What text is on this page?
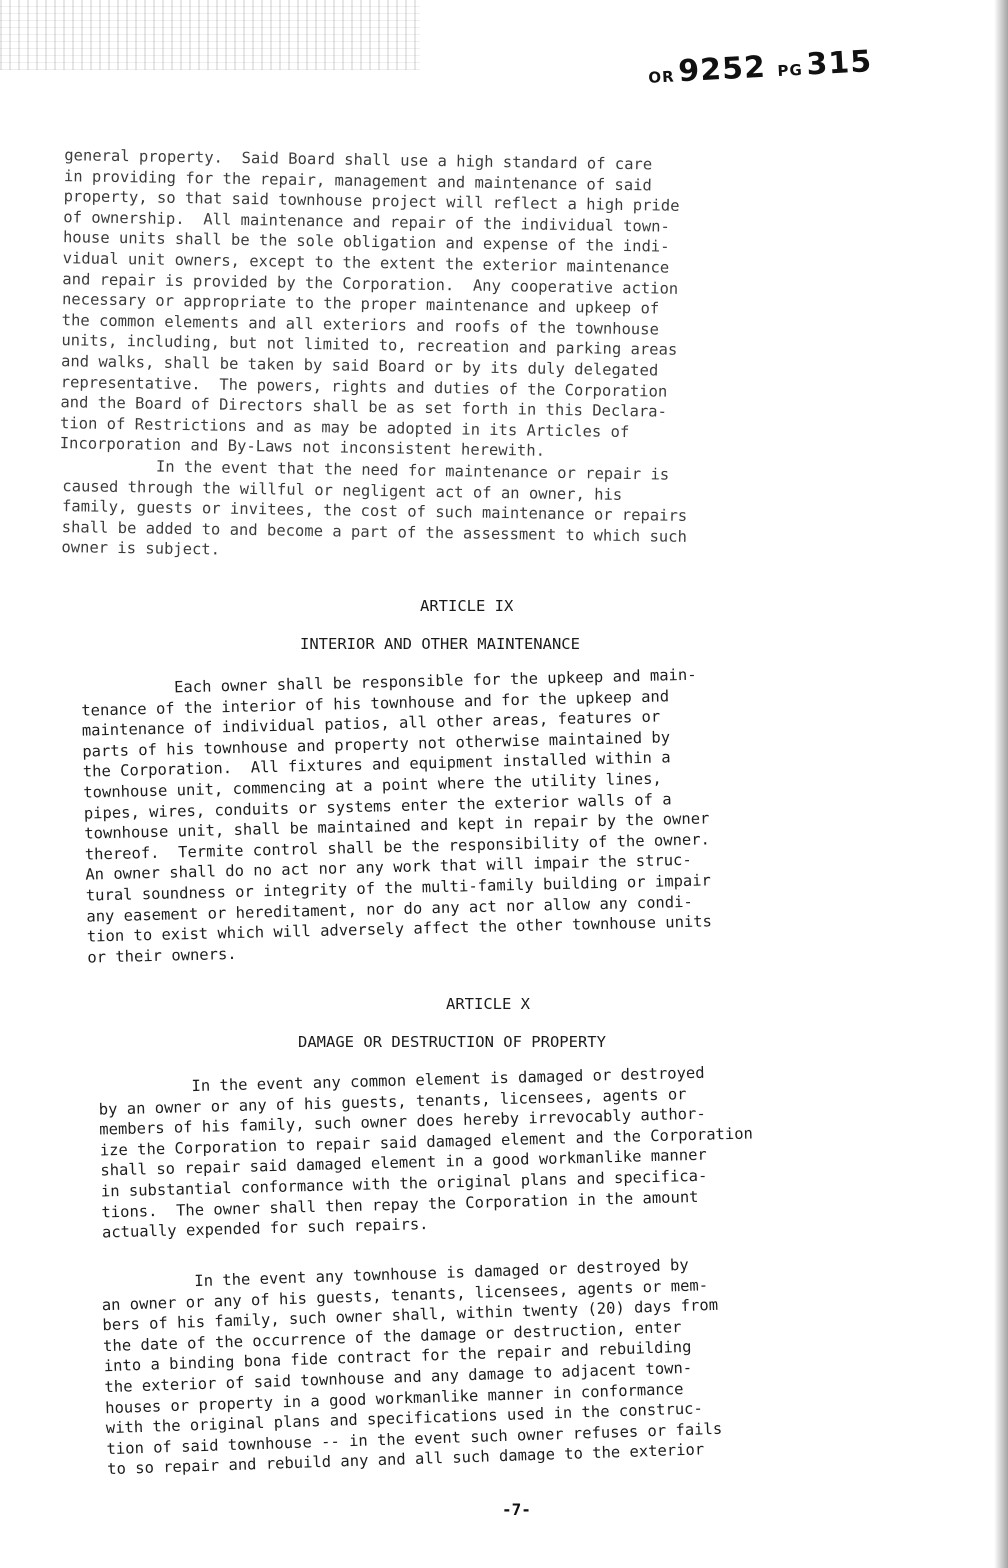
OR9252 PG315
general property.  Said Board shall use a high standard of care
in providing for the repair, management and maintenance of said
property, so that said townhouse project will reflect a high pride
of ownership.  All maintenance and repair of the individual town-
house units shall be the sole obligation and expense of the indi-
vidual unit owners, except to the extent the exterior maintenance
and repair is provided by the Corporation.  Any cooperative action
necessary or appropriate to the proper maintenance and upkeep of
the common elements and all exteriors and roofs of the townhouse
units, including, but not limited to, recreation and parking areas
and walks, shall be taken by said Board or by its duly delegated
representative.  The powers, rights and duties of the Corporation
and the Board of Directors shall be as set forth in this Declara-
tion of Restrictions and as may be adopted in its Articles of
Incorporation and By-Laws not inconsistent herewith.
In the event that the need for maintenance or repair is
caused through the willful or negligent act of an owner, his
family, guests or invitees, the cost of such maintenance or repairs
shall be added to and become a part of the assessment to which such
owner is subject.
ARTICLE IX
INTERIOR AND OTHER MAINTENANCE
Each owner shall be responsible for the upkeep and main-
tenance of the interior of his townhouse and for the upkeep and
maintenance of individual patios, all other areas, features or
parts of his townhouse and property not otherwise maintained by
the Corporation.  All fixtures and equipment installed within a
townhouse unit, commencing at a point where the utility lines,
pipes, wires, conduits or systems enter the exterior walls of a
townhouse unit, shall be maintained and kept in repair by the owner
thereof.  Termite control shall be the responsibility of the owner.
An owner shall do no act nor any work that will impair the struc-
tural soundness or integrity of the multi-family building or impair
any easement or hereditament, nor do any act nor allow any condi-
tion to exist which will adversely affect the other townhouse units
or their owners.
ARTICLE X
DAMAGE OR DESTRUCTION OF PROPERTY
In the event any common element is damaged or destroyed
by an owner or any of his guests, tenants, licensees, agents or
members of his family, such owner does hereby irrevocably author-
ize the Corporation to repair said damaged element and the Corporation
shall so repair said damaged element in a good workmanlike manner
in substantial conformance with the original plans and specifica-
tions.  The owner shall then repay the Corporation in the amount
actually expended for such repairs.
In the event any townhouse is damaged or destroyed by
an owner or any of his guests, tenants, licensees, agents or mem-
bers of his family, such owner shall, within twenty (20) days from
the date of the occurrence of the damage or destruction, enter
into a binding bona fide contract for the repair and rebuilding
the exterior of said townhouse and any damage to adjacent town-
houses or property in a good workmanlike manner in conformance
with the original plans and specifications used in the construc-
tion of said townhouse -- in the event such owner refuses or fails
to so repair and rebuild any and all such damage to the exterior
-7-
